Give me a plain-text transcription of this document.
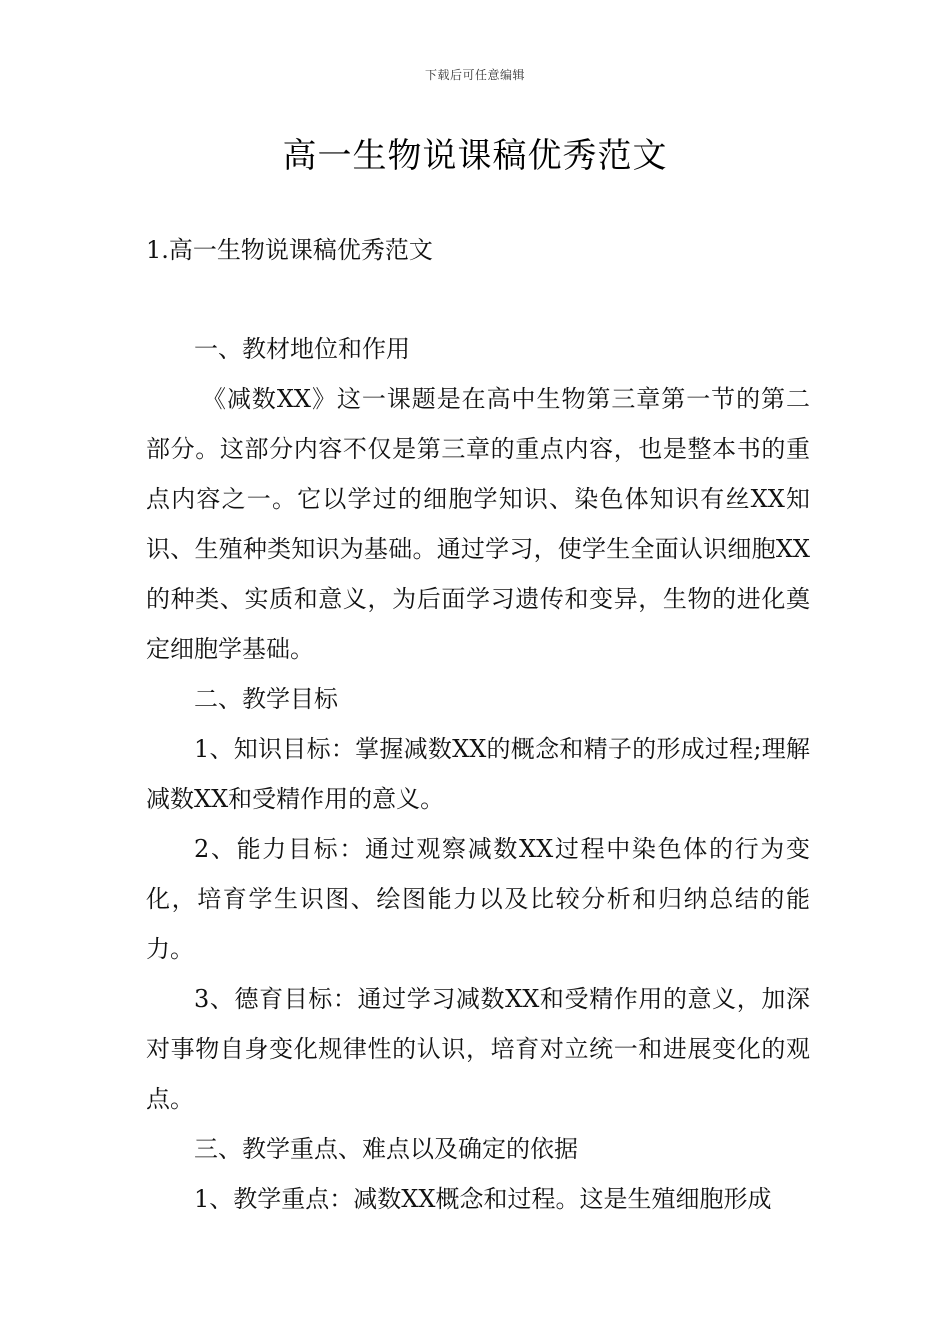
下载后可任意编辑
高一生物说课稿优秀范文
1.高一生物说课稿优秀范文

一、教材地位和作用

《减数XX》这一课题是在高中生物第三章第一节的第二部分。这部分内容不仅是第三章的重点内容，也是整本书的重点内容之一。它以学过的细胞学知识、染色体知识有丝XX知识、生殖种类知识为基础。通过学习，使学生全面认识细胞XX的种类、实质和意义，为后面学习遗传和变异，生物的进化奠定细胞学基础。

二、教学目标

1、知识目标：掌握减数XX的概念和精子的形成过程;理解减数XX和受精作用的意义。

2、能力目标：通过观察减数XX过程中染色体的行为变化，培育学生识图、绘图能力以及比较分析和归纳总结的能力。

3、德育目标：通过学习减数XX和受精作用的意义，加深对事物自身变化规律性的认识，培育对立统一和进展变化的观点。

三、教学重点、难点以及确定的依据

1、教学重点：减数XX概念和过程。这是生殖细胞形成
